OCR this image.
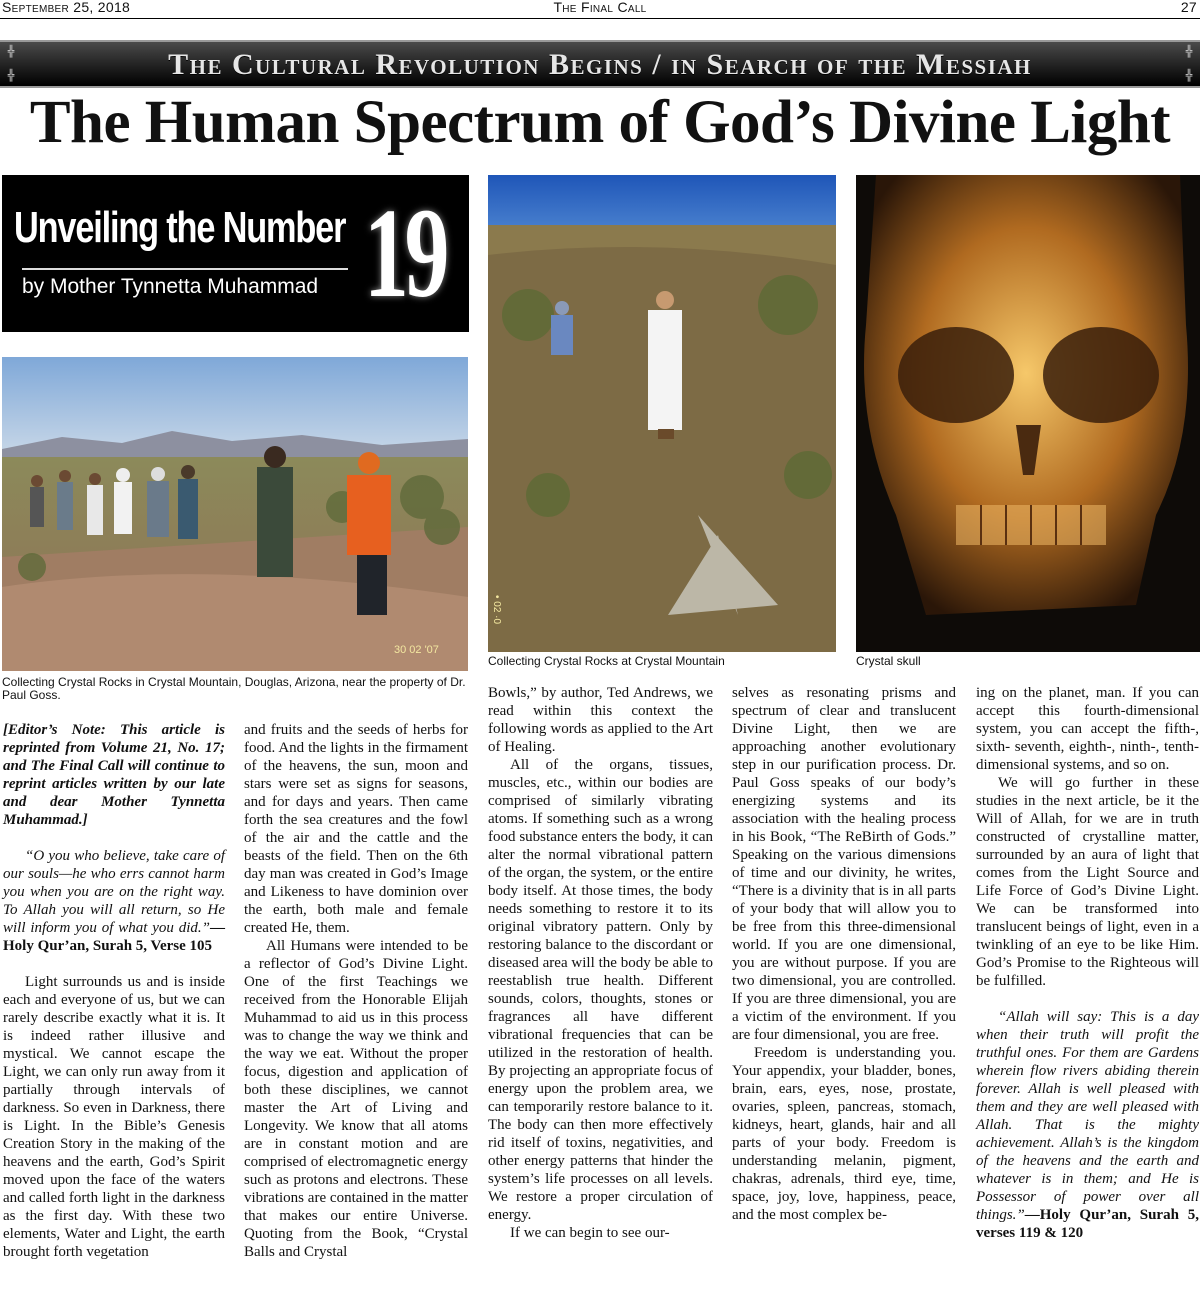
September 25, 2018	The Final Call	27
╬

╬	The Cultural Revolution Begins / in Search of the Messiah	╬

╬
The Human Spectrum of God’s Divine Light
Unveiling the Number
by Mother Tynnetta Muhammad 19
30 02 '07
Collecting Crystal Rocks in Crystal Mountain, Douglas, Arizona, near the property of Dr. Paul Goss.
• 02 ·0
Collecting Crystal Rocks at Crystal Mountain	Crystal skull

[Editor’s Note: This article is reprinted from Volume 21, No. 17; and The Final Call will continue to reprint articles written by our late and dear Mother Tynnetta Muhammad.]

“O you who believe, take care of our souls—he who errs cannot harm you when you are on the right way. To Allah you will all return, so He will inform you of what you did.”—Holy Qur’an, Surah 5, Verse 105

Light surrounds us and is inside each and everyone of us, but we can rarely describe exactly what it is. It is indeed rather illusive and mystical. We cannot escape the Light, we can only run away from it partially through intervals of darkness. So even in Darkness, there is Light. In the Bible’s Genesis Creation Story in the making of the heavens and the earth, God’s Spirit moved upon the face of the waters and called forth light in the darkness as the first day. With these two elements, Water and Light, the earth brought forth vegetation

and fruits and the seeds of herbs for food. And the lights in the firmament of the heavens, the sun, moon and stars were set as signs for seasons, and for days and years. Then came forth the sea creatures and the fowl of the air and the cattle and the beasts of the field. Then on the 6th day man was created in God’s Image and Likeness to have dominion over the earth, both male and female created He, them.

All Humans were intended to be a reflector of God’s Divine Light. One of the first Teachings we received from the Honorable Elijah Muhammad to aid us in this process was to change the way we think and the way we eat. Without the proper focus, digestion and application of both these disciplines, we cannot master the Art of Living and Longevity. We know that all atoms are in constant motion and are comprised of electromagnetic energy such as protons and electrons. These vibrations are contained in the matter that makes our entire Universe. Quoting from the Book, “Crystal Balls and Crystal

Bowls,” by author, Ted Andrews, we read within this context the following words as applied to the Art of Healing.

All of the organs, tissues, muscles, etc., within our bodies are comprised of similarly vibrating atoms. If something such as a wrong food substance enters the body, it can alter the normal vibrational pattern of the organ, the system, or the entire body itself. At those times, the body needs something to restore it to its original vibratory pattern. Only by restoring balance to the discordant or diseased area will the body be able to reestablish true health. Different sounds, colors, thoughts, stones or fragrances all have different vibrational frequencies that can be utilized in the restoration of health. By projecting an appropriate focus of energy upon the problem area, we can temporarily restore balance to it. The body can then more effectively rid itself of toxins, negativities, and other energy patterns that hinder the system’s life processes on all levels. We restore a proper circulation of energy.

If we can begin to see our-

selves as resonating prisms and spectrum of clear and translucent Divine Light, then we are approaching another evolutionary step in our purification process. Dr. Paul Goss speaks of our body’s energizing systems and its association with the healing process in his Book, “The ReBirth of Gods.” Speaking on the various dimensions of time and our divinity, he writes, “There is a divinity that is in all parts of your body that will allow you to be free from this three-dimensional world. If you are one dimensional, you are without purpose. If you are two dimensional, you are controlled. If you are three dimensional, you are a victim of the environment. If you are four dimensional, you are free.

Freedom is understanding you. Your appendix, your bladder, bones, brain, ears, eyes, nose, prostate, ovaries, spleen, pancreas, stomach, kidneys, heart, glands, hair and all parts of your body. Freedom is understanding melanin, pigment, chakras, adrenals, third eye, time, space, joy, love, happiness, peace, and the most complex be-

ing on the planet, man. If you can accept this fourth-dimensional system, you can accept the fifth-, sixth- seventh, eighth-, ninth-, tenth-dimensional systems, and so on.

We will go further in these studies in the next article, be it the Will of Allah, for we are in truth constructed of crystalline matter, surrounded by an aura of light that comes from the Light Source and Life Force of God’s Divine Light. We can be transformed into translucent beings of light, even in a twinkling of an eye to be like Him. God’s Promise to the Righteous will be fulfilled.

“Allah will say: This is a day when their truth will profit the truthful ones. For them are Gardens wherein flow rivers abiding therein forever. Allah is well pleased with them and they are well pleased with Allah. That is the mighty achievement. Allah’s is the kingdom of the heavens and the earth and whatever is in them; and He is Possessor of power over all things.”—Holy Qur’an, Surah 5, verses 119 & 120
